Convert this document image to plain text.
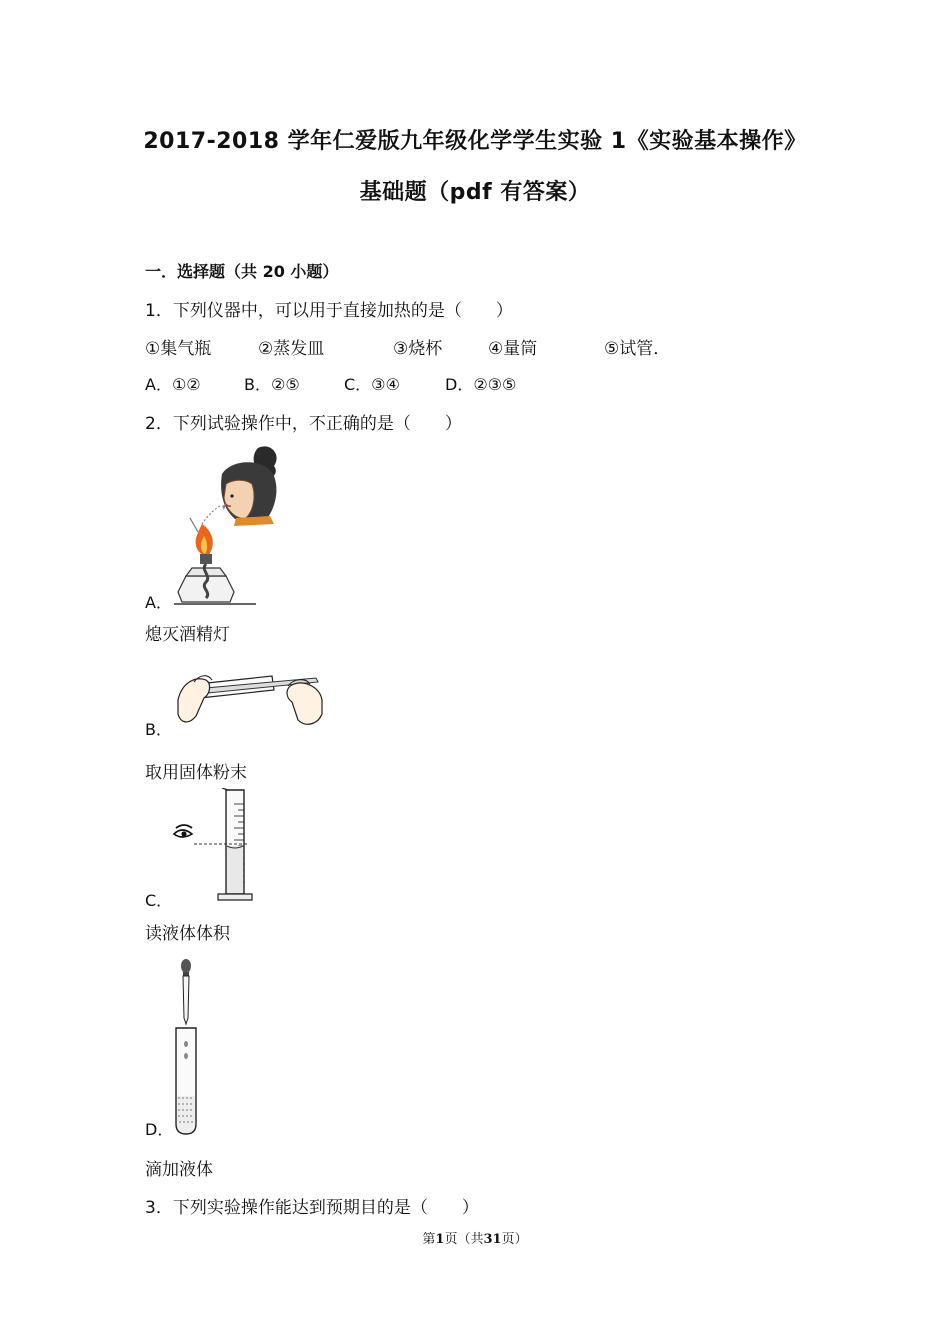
2017-2018 学年仁爱版九年级化学学生实验 1《实验基本操作》
基础题（pdf 有答案）
一．选择题（共 20 小题）
1．下列仪器中，可以用于直接加热的是（　　）
①集气瓶	②蒸发皿	③烧杯	④量筒	⑤试管．
A．①②	B．②⑤	C．③④	D．②③⑤
2．下列试验操作中，不正确的是（　　）
A．
熄灭酒精灯
B．
取用固体粉末
C．
读液体体积
D．
滴加液体
3．下列实验操作能达到预期目的是（　　）
第1页（共31页）
